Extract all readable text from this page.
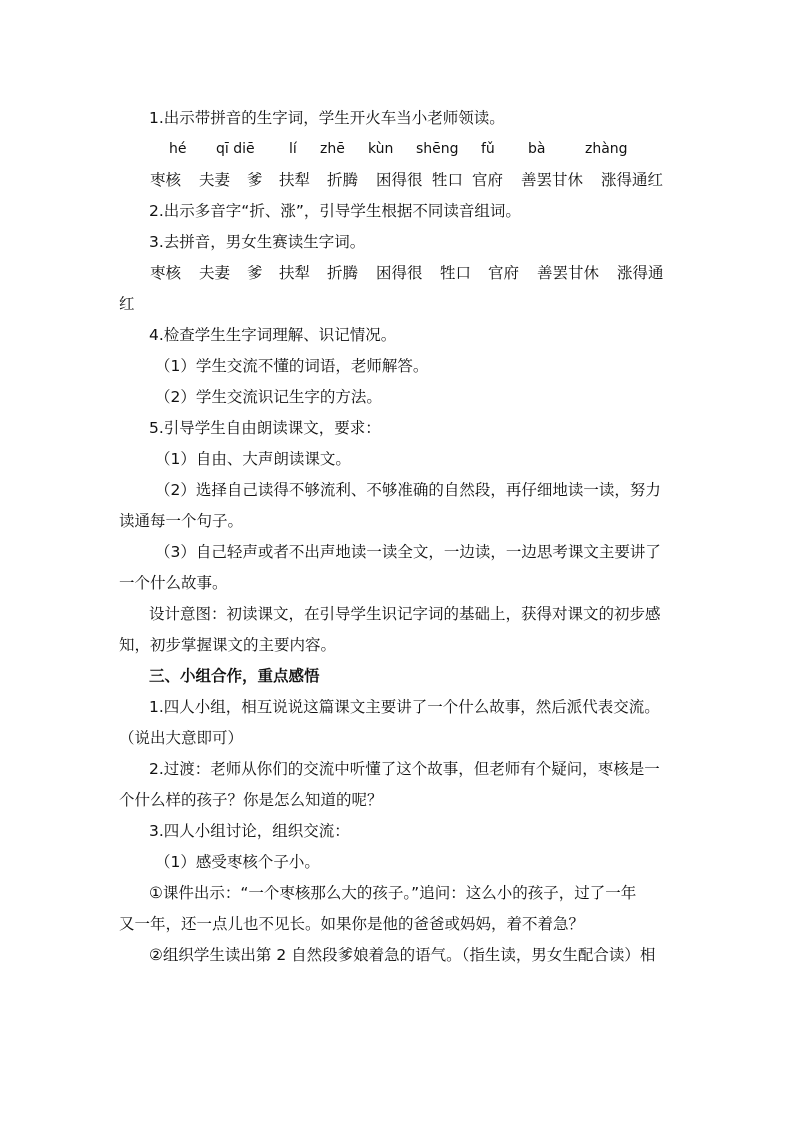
1.出示带拼音的生字词，学生开火车当小老师领读。

hé qī diē lí zhē kùn shēng fǔ bà	zhàng
枣核 夫妻 爹 扶犁 折腾 困得很 牲口 官府 善罢甘休 涨得通红

2.出示多音字“折、涨”，引导学生根据不同读音组词。

3.去拼音，男女生赛读生字词。

枣核 夫妻 爹 扶犁 折腾 困得很 牲口 官府 善罢甘休 涨得通

红

4.检查学生生字词理解、识记情况。

（1）学生交流不懂的词语，老师解答。

（2）学生交流识记生字的方法。

5.引导学生自由朗读课文，要求：

（1）自由、大声朗读课文。

（2）选择自己读得不够流利、不够准确的自然段，再仔细地读一读，努力

读通每一个句子。

（3）自己轻声或者不出声地读一读全文，一边读，一边思考课文主要讲了

一个什么故事。

设计意图：初读课文，在引导学生识记字词的基础上，获得对课文的初步感

知，初步掌握课文的主要内容。

三、小组合作，重点感悟

1.四人小组，相互说说这篇课文主要讲了一个什么故事，然后派代表交流。

（说出大意即可）

2.过渡：老师从你们的交流中听懂了这个故事，但老师有个疑问，枣核是一

个什么样的孩子？你是怎么知道的呢？

3.四人小组讨论，组织交流：

（1）感受枣核个子小。

①课件出示：“一个枣核那么大的孩子。”追问：这么小的孩子，过了一年

又一年，还一点儿也不见长。如果你是他的爸爸或妈妈，着不着急？

②组织学生读出第 2 自然段爹娘着急的语气。（指生读，男女生配合读）相
